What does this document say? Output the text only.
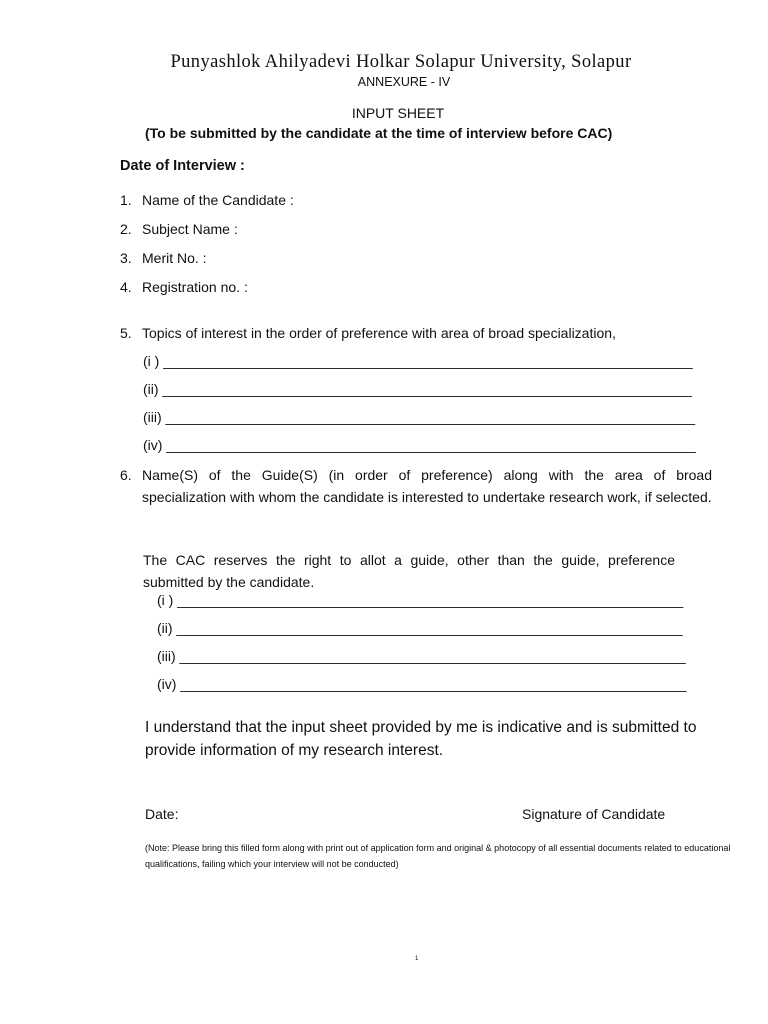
Punyashlok Ahilyadevi Holkar Solapur University, Solapur
ANNEXURE - IV
INPUT SHEET
(To be submitted by the candidate at the time of interview before CAC)
Date of Interview :
1. Name of the Candidate :
2. Subject Name :
3. Merit No. :
4. Registration no. :
5. Topics of interest in the order of preference with area of broad specialization,
(i ) ____________________________________________________________________
(ii) ____________________________________________________________________
(iii) ____________________________________________________________________
(iv) ____________________________________________________________________
6. Name(S) of the Guide(S) (in order of preference) along with the area of broad
specialization with whom the candidate is interested to undertake research work, if selected.
The CAC reserves the right to allot a guide, other than the guide, preference submitted by the candidate.
(i ) _________________________________________________________________
(ii) _________________________________________________________________
(iii) _________________________________________________________________
(iv) _________________________________________________________________
I understand that the input sheet provided by me is indicative and is submitted to provide information of my research interest.
Date:	Signature of Candidate
(Note: Please bring this filled form along with print out of application form and original & photocopy of all essential documents related to educational qualifications, failing which your interview will not be conducted)
1
